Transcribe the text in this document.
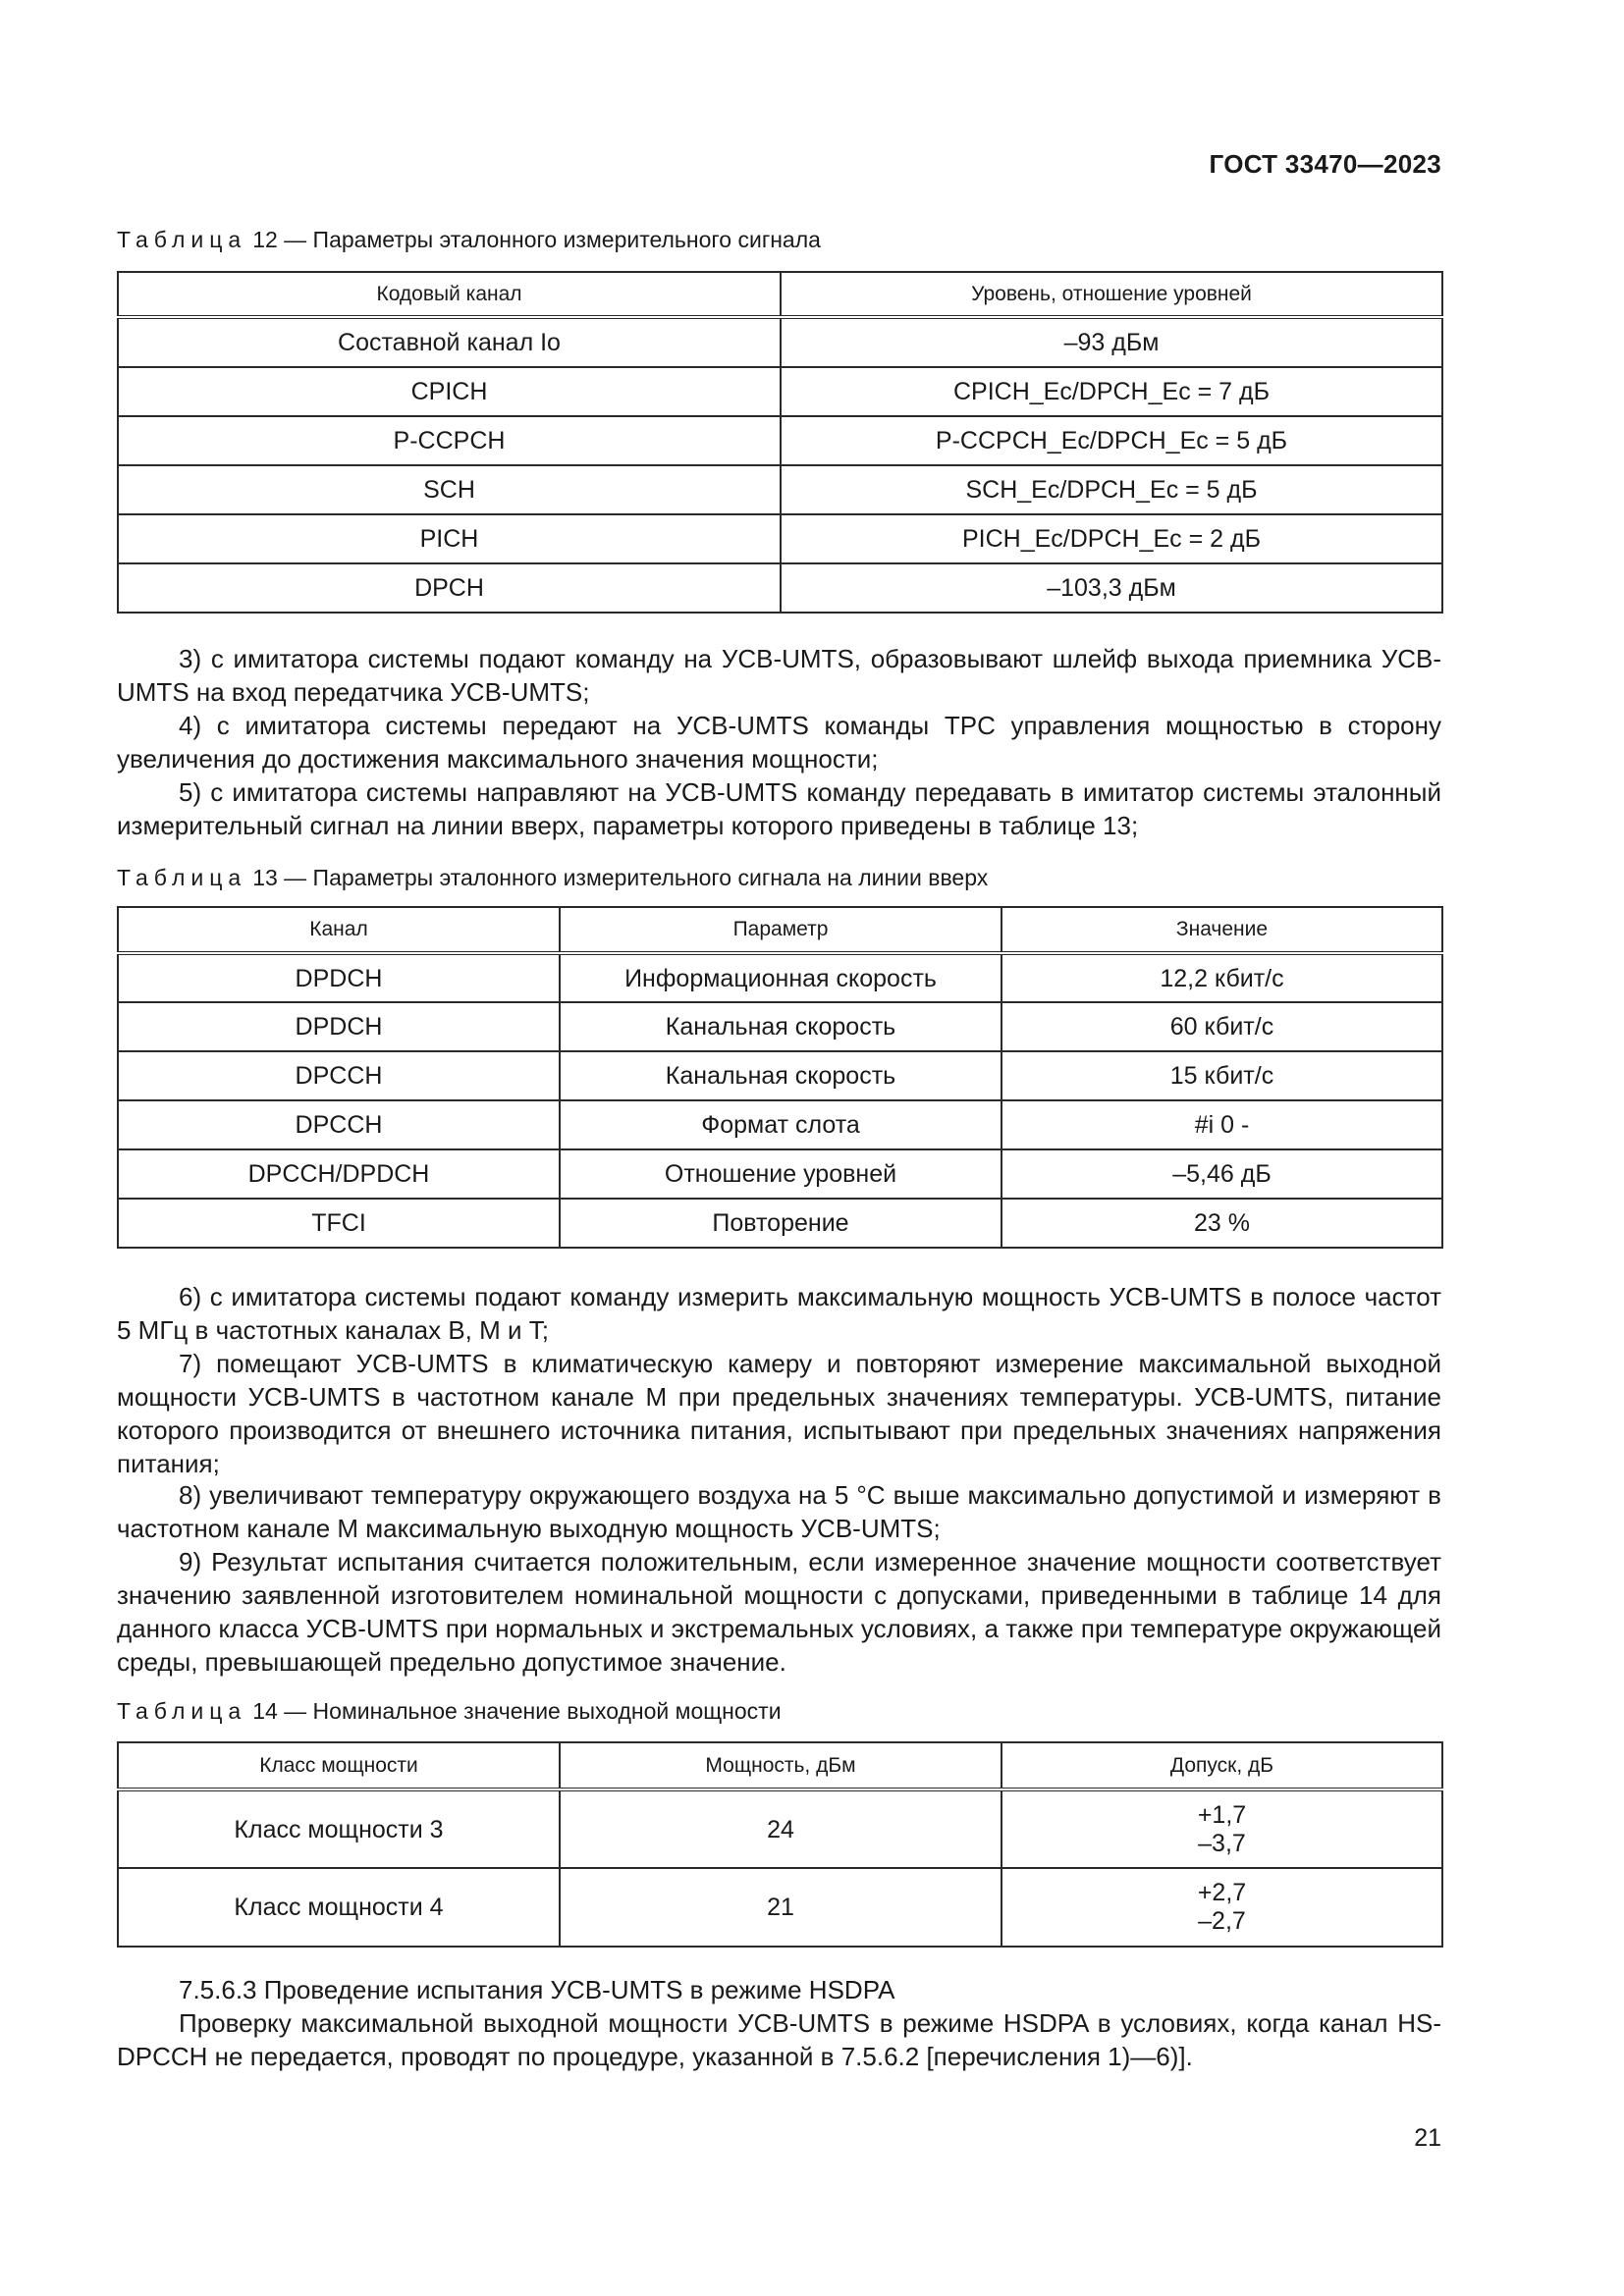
ГОСТ 33470—2023
Таблица 12 — Параметры эталонного измерительного сигнала
Кодовый канал	Уровень, отношение уровней
Составной канал Io	–93 дБм
CPICH	CPICH_Ec/DPCH_Ec = 7 дБ
P-CCPCH	P-CCPCH_Ec/DPCH_Ec = 5 дБ
SCH	SCH_Ec/DPCH_Ec = 5 дБ
PICH	PICH_Ec/DPCH_Ec = 2 дБ
DPCH	–103,3 дБм

3) с имитатора системы подают команду на УСВ-UMTS, образовывают шлейф выхода приемника УСВ-UMTS на вход передатчика УСВ-UMTS;

4) с имитатора системы передают на УСВ-UMTS команды TPC управления мощностью в сторону увеличения до достижения максимального значения мощности;

5) с имитатора системы направляют на УСВ-UMTS команду передавать в имитатор системы эталонный измерительный сигнал на линии вверх, параметры которого приведены в таблице 13;

Таблица 13 — Параметры эталонного измерительного сигнала на линии вверх
Канал	Параметр	Значение
DPDCH	Информационная скорость	12,2 кбит/с
DPDCH	Канальная скорость	60 кбит/с
DPCCH	Канальная скорость	15 кбит/с
DPCCH	Формат слота	#i 0 -
DPCCH/DPDCH	Отношение уровней	–5,46 дБ
TFCI	Повторение	23 %

6) с имитатора системы подают команду измерить максимальную мощность УСВ-UMTS в полосе частот 5 МГц в частотных каналах B, M и T;

7) помещают УСВ-UMTS в климатическую камеру и повторяют измерение максимальной выходной мощности УСВ-UMTS в частотном канале M при предельных значениях температуры. УСВ-UMTS, питание которого производится от внешнего источника питания, испытывают при предельных значениях напряжения питания;

8) увеличивают температуру окружающего воздуха на 5 °C выше максимально допустимой и измеряют в частотном канале M максимальную выходную мощность УСВ-UMTS;

9) Результат испытания считается положительным, если измеренное значение мощности соответствует значению заявленной изготовителем номинальной мощности с допусками, приведенными в таблице 14 для данного класса УСВ-UMTS при нормальных и экстремальных условиях, а также при температуре окружающей среды, превышающей предельно допустимое значение.

Таблица 14 — Номинальное значение выходной мощности
Класс мощности	Мощность, дБм	Допуск, дБ
Класс мощности 3	24	+1,7
–3,7

Класс мощности 4	21	+2,7
–2,7

7.5.6.3 Проведение испытания УСВ-UMTS в режиме HSDPA

Проверку максимальной выходной мощности УСВ-UMTS в режиме HSDPA в условиях, когда канал HS-DPCCH не передается, проводят по процедуре, указанной в 7.5.6.2 [перечисления 1)—6)].

21
